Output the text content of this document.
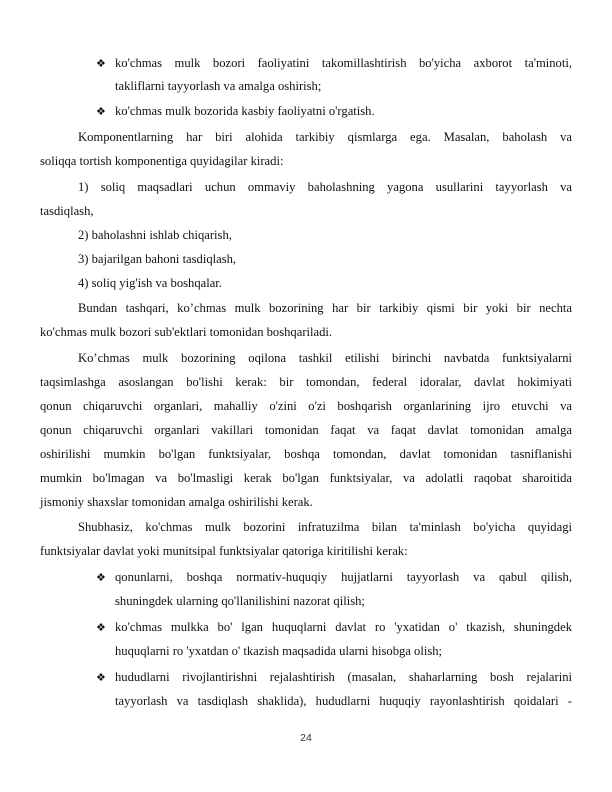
❖ ko'chmas mulk bozori faoliyatini takomillashtirish bo'yicha axborot ta'minoti,
takliflarni tayyorlash va amalga oshirish;
❖ ko'chmas mulk bozorida kasbiy faoliyatni o'rgatish.
Komponentlarning har biri alohida tarkibiy qismlarga ega. Masalan, baholash va
soliqqa tortish komponentiga quyidagilar kiradi:
1) soliq maqsadlari uchun ommaviy baholashning yagona usullarini tayyorlash va
tasdiqlash,
2) baholashni ishlab chiqarish,
3) bajarilgan bahoni tasdiqlash,
4) soliq yig'ish va boshqalar.
Bundan tashqari, ko’chmas mulk bozorining har bir tarkibiy qismi bir yoki bir nechta
ko'chmas mulk bozori sub'ektlari tomonidan boshqariladi.
Ko’chmas mulk bozorining oqilona tashkil etilishi birinchi navbatda funktsiyalarni
taqsimlashga asoslangan bo'lishi kerak: bir tomondan, federal idoralar, davlat hokimiyati
qonun chiqaruvchi organlari, mahalliy o'zini o'zi boshqarish organlarining ijro etuvchi va
qonun chiqaruvchi organlari vakillari tomonidan faqat va faqat davlat tomonidan amalga
oshirilishi mumkin bo'lgan funktsiyalar, boshqa tomondan, davlat tomonidan tasniflanishi
mumkin bo'lmagan va bo'lmasligi kerak bo'lgan funktsiyalar, va adolatli raqobat sharoitida
jismoniy shaxslar tomonidan amalga oshirilishi kerak.
Shubhasiz, ko'chmas mulk bozorini infratuzilma bilan ta'minlash bo'yicha quyidagi
funktsiyalar davlat yoki munitsipal funktsiyalar qatoriga kiritilishi kerak:
❖ qonunlarni, boshqa normativ-huquqiy hujjatlarni tayyorlash va qabul qilish,
shuningdek ularning qo'llanilishini nazorat qilish;
❖ ko'chmas mulkka bo' lgan huquqlarni davlat ro 'yxatidan o' tkazish, shuningdek
huquqlarni ro 'yxatdan o' tkazish maqsadida ularni hisobga olish;
❖ hududlarni rivojlantirishni rejalashtirish (masalan, shaharlarning bosh rejalarini
tayyorlash va tasdiqlash shaklida), hududlarni huquqiy rayonlashtirish qoidalari -
24
